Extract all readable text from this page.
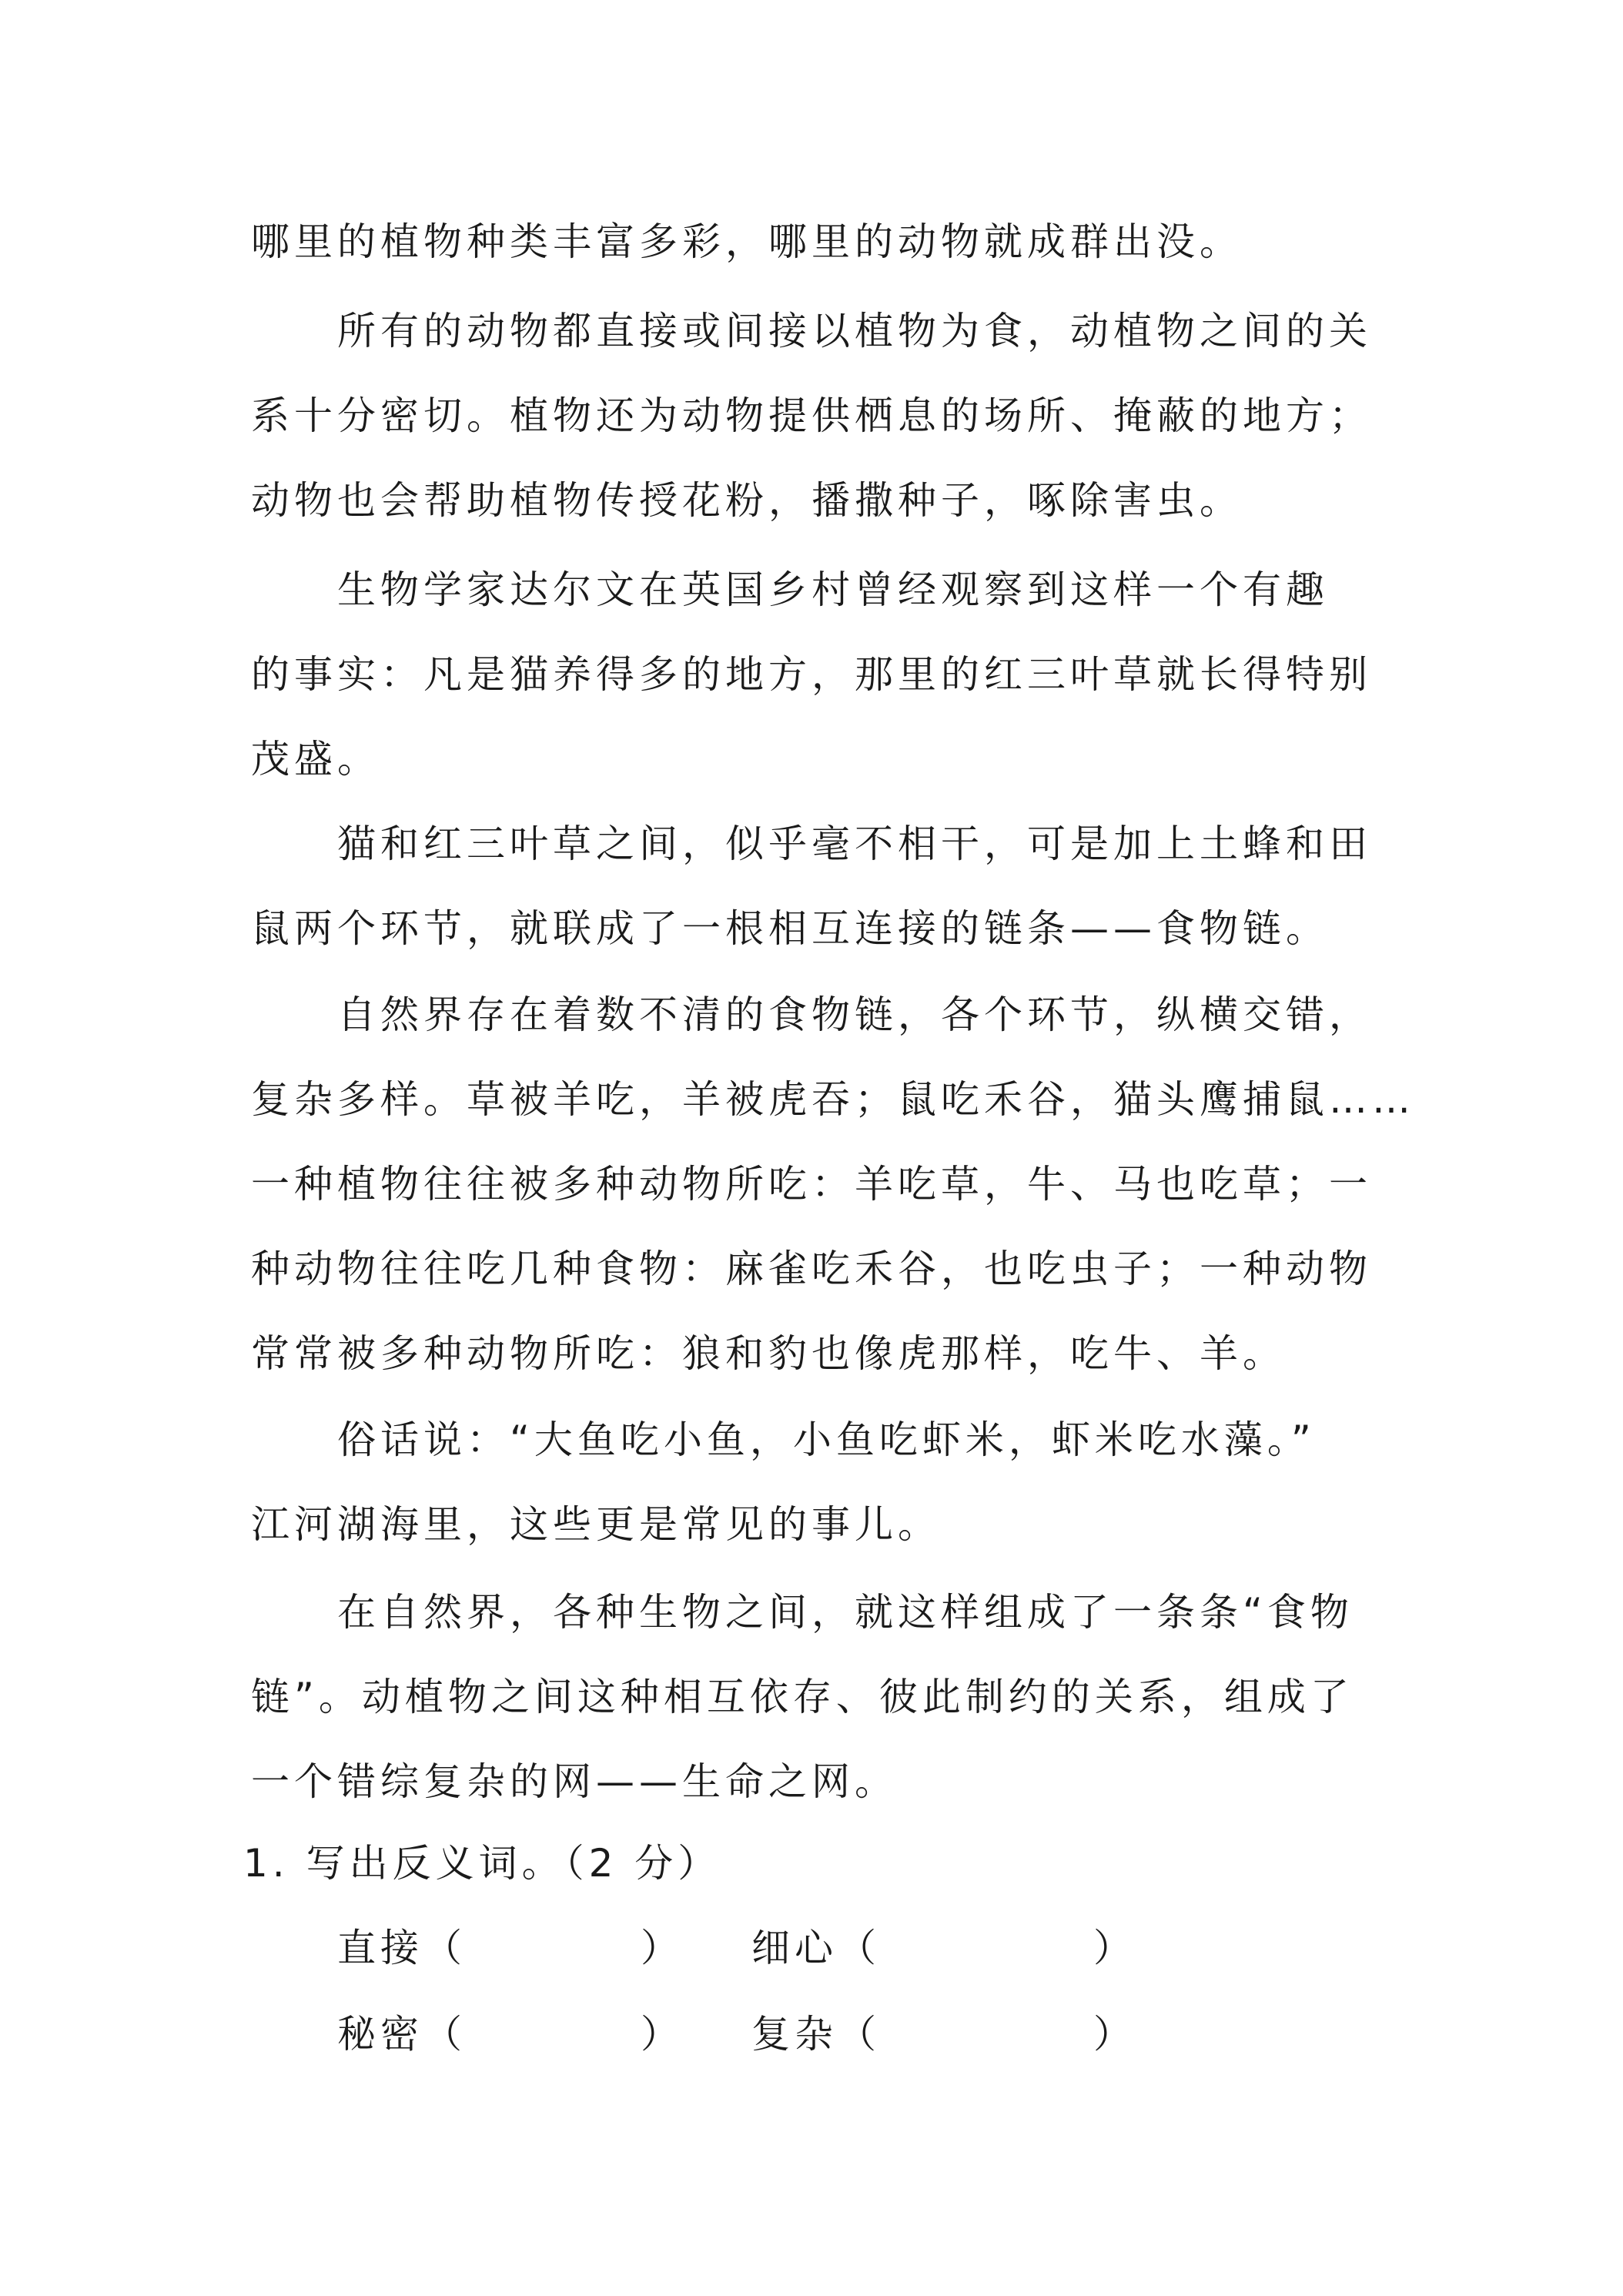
哪里的植物种类丰富多彩，哪里的动物就成群出没。
所有的动物都直接或间接以植物为食，动植物之间的关
系十分密切。植物还为动物提供栖息的场所、掩蔽的地方；
动物也会帮助植物传授花粉，播撒种子，啄除害虫。
生物学家达尔文在英国乡村曾经观察到这样一个有趣
的事实：凡是猫养得多的地方，那里的红三叶草就长得特别
茂盛。
猫和红三叶草之间，似乎毫不相干，可是加上土蜂和田
鼠两个环节，就联成了一根相互连接的链条——食物链。
自然界存在着数不清的食物链，各个环节，纵横交错，
复杂多样。草被羊吃，羊被虎吞；鼠吃禾谷，猫头鹰捕鼠……
一种植物往往被多种动物所吃：羊吃草，牛、马也吃草；一
种动物往往吃几种食物：麻雀吃禾谷，也吃虫子；一种动物
常常被多种动物所吃：狼和豹也像虎那样，吃牛、羊。
俗话说：“大鱼吃小鱼，小鱼吃虾米，虾米吃水藻。”
江河湖海里，这些更是常见的事儿。
在自然界，各种生物之间，就这样组成了一条条“食物
链”。动植物之间这种相互依存、彼此制约的关系，组成了
一个错综复杂的网——生命之网。
1. 写出反义词。（2 分）
直接（	） 细心（	）
秘密（	） 复杂（	）
